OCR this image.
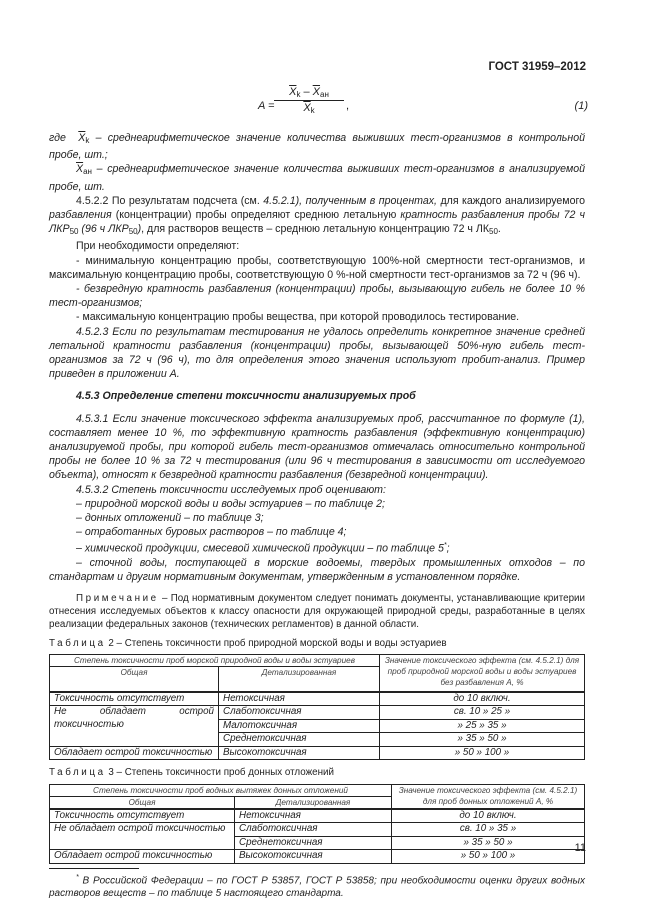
ГОСТ 31959–2012
A =
$\overline{X}_k - \overline{X}_{ан}$
$\overline{X}_k$	,	(1)

где $\overline{X}_k$ – среднеарифметическое значение количества выживших тест-организмов в контрольной пробе, шт.;

$\overline{X}_{ан}$ – среднеарифметическое значение количества выживших тест-организмов в анализируемой пробе, шт.

4.5.2.2 По результатам подсчета (см. 4.5.2.1), полученным в процентах, для каждого анализируемого разбавления (концентрации) пробы определяют среднюю летальную кратность разбавления пробы 72 ч $ЛКР_{50}$ (96 ч $ЛКР_{50}$), для растворов веществ – среднюю летальную концентрацию 72 ч $ЛК_{50}$.

При необходимости определяют:

- минимальную концентрацию пробы, соответствующую 100%-ной смертности тест-организмов, и максимальную концентрацию пробы, соответствующую 0 %-ной смертности тест-организмов за 72 ч (96 ч).

- безвредную кратность разбавления (концентрации) пробы, вызывающую гибель не более 10 % тест-организмов;

- максимальную концентрацию пробы вещества, при которой проводилось тестирование.

4.5.2.3 Если по результатам тестирования не удалось определить конкретное значение средней летальной кратности разбавления (концентрации) пробы, вызывающей 50%-ную гибель тест-организмов за 72 ч (96 ч), то для определения этого значения используют пробит-анализ. Пример приведен в приложении А.

4.5.3 Определение степени токсичности анализируемых проб

4.5.3.1 Если значение токсического эффекта анализируемых проб, рассчитанное по формуле (1), составляет менее 10 %, то эффективную кратность разбавления (эффективную концентрацию) анализируемой пробы, при которой гибель тест-организмов отмечалась относительно контрольной пробы не более 10 % за 72 ч тестирования (или 96 ч тестирования в зависимости от исследуемого объекта), относят к безвредной кратности разбавления (безвредной концентрации).

4.5.3.2 Степень токсичности исследуемых проб оценивают:

– природной морской воды и воды эстуариев – по таблице 2;

– донных отложений – по таблице 3;

– отработанных буровых растворов – по таблице 4;

– химической продукции, смесевой химической продукции – по таблице 5*;

– сточной воды, поступающей в морские водоемы, твердых промышленных отходов – по стандартам и другим нормативным документам, утвержденным в установленном порядке.

Примечание – Под нормативным документом следует понимать документы, устанавливающие критерии отнесения исследуемых объектов к классу опасности для окружающей природной среды, разработанные в целях реализации федеральных законов (технических регламентов) в данной области.

Таблица 2 – Степень токсичности проб природной морской воды и воды эстуариев

Степень токсичности проб морской природной воды и воды эстуариев		Значение токсического эффекта (см. 4.5.2.1) для проб природной морской воды и воды эстуариев без разбавления А, %
Общая	Детализированная	
Токсичность отсутствует	Нетоксичная	до 10 включ.
Не обладает острой токсичностью	Слаботоксичная	св. 10 » 25 »
	Малотоксичная	» 25 » 35 »
	Среднетоксичная	» 35 » 50 »
Обладает острой токсичностью	Высокотоксичная	» 50 » 100 »

Таблица 3 – Степень токсичности проб донных отложений

Степень токсичности проб водных вытяжек донных отложений		Значение токсического эффекта (см. 4.5.2.1) для проб донных отложений А, %
Общая	Детализированная	
Токсичность отсутствует	Нетоксичная	до 10 включ.
Не обладает острой токсичностью	Слаботоксичная	св. 10 » 35 »
	Среднетоксичная	» 35 » 50 »
Обладает острой токсичностью	Высокотоксичная	» 50 » 100 »

* В Российской Федерации – по ГОСТ Р 53857, ГОСТ Р 53858; при необходимости оценки других водных растворов веществ – по таблице 5 настоящего стандарта.

11
